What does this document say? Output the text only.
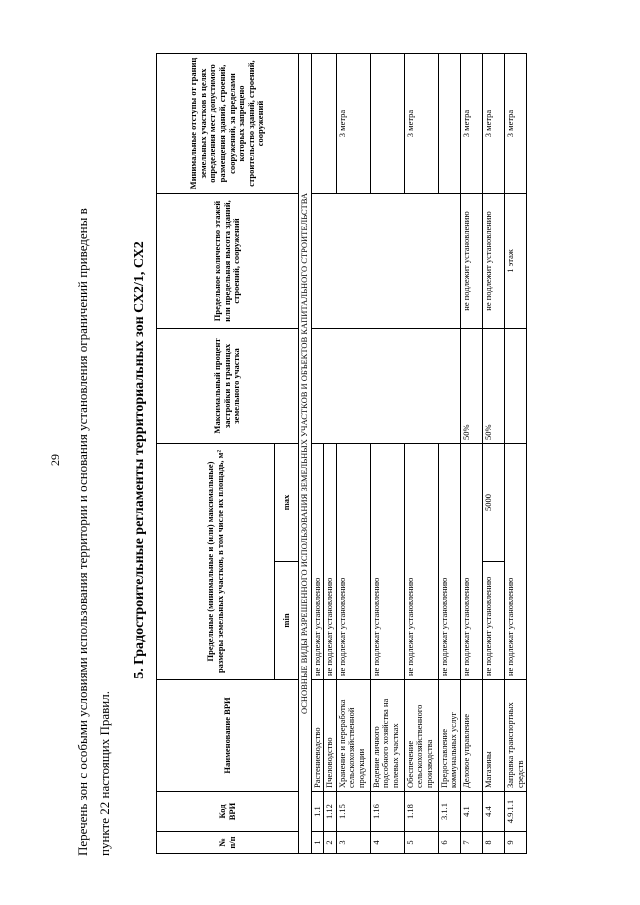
29 Перечень зон с особыми условиями использования территории и основания установления ограничений приведены в пункте 22 настоящих Правил.
5. Градостроительные регламенты территориальных зон СХ2/1, СХ2
№ п/п	Код ВРИ	Наименование ВРИ	Предельные (минимальные и (или) максимальные) размеры земельных участков, в том числе их площадь, м²		Максимальный процент застройки в границах земельного участка	Предельное количество этажей или предельная высота зданий, строений, сооружений	Минимальные отступы от границ земельных участков в целях определения мест допустимого размещения зданий, строений, сооружений, за пределами которых запрещено строительство зданий, строений, сооружений
			min	max			
ОСНОВНЫЕ ВИДЫ РАЗРЕШЕННОГО ИСПОЛЬЗОВАНИЯ ЗЕМЕЛЬНЫХ УЧАСТКОВ И ОБЪЕКТОВ КАПИТАЛЬНОГО СТРОИТЕЛЬСТВА							
1	1.1	Растениеводство	не подлежат установлению				
2	1.12	Пчеловодство	не подлежат установлению				
3	1.15	Хранение и переработка сельскохозяйственной продукции	не подлежат установлению				3 метра
4	1.16	Ведение личного подсобного хозяйства на полевых участках	не подлежат установлению				
5	1.18	Обеспечение сельскохозяйственного производства	не подлежат установлению				3 метра
6	3.1.1	Предоставление коммунальных услуг	не подлежат установлению				
7	4.1	Деловое управление	не подлежат установлению		50%	не подлежит установлению	3 метра
8	4.4	Магазины	не подлежит установлению	5000	50%	не подлежит установлению	3 метра
9	4.9.1.1	Заправка транспортных средств	не подлежат установлению			1 этаж	3 метра
